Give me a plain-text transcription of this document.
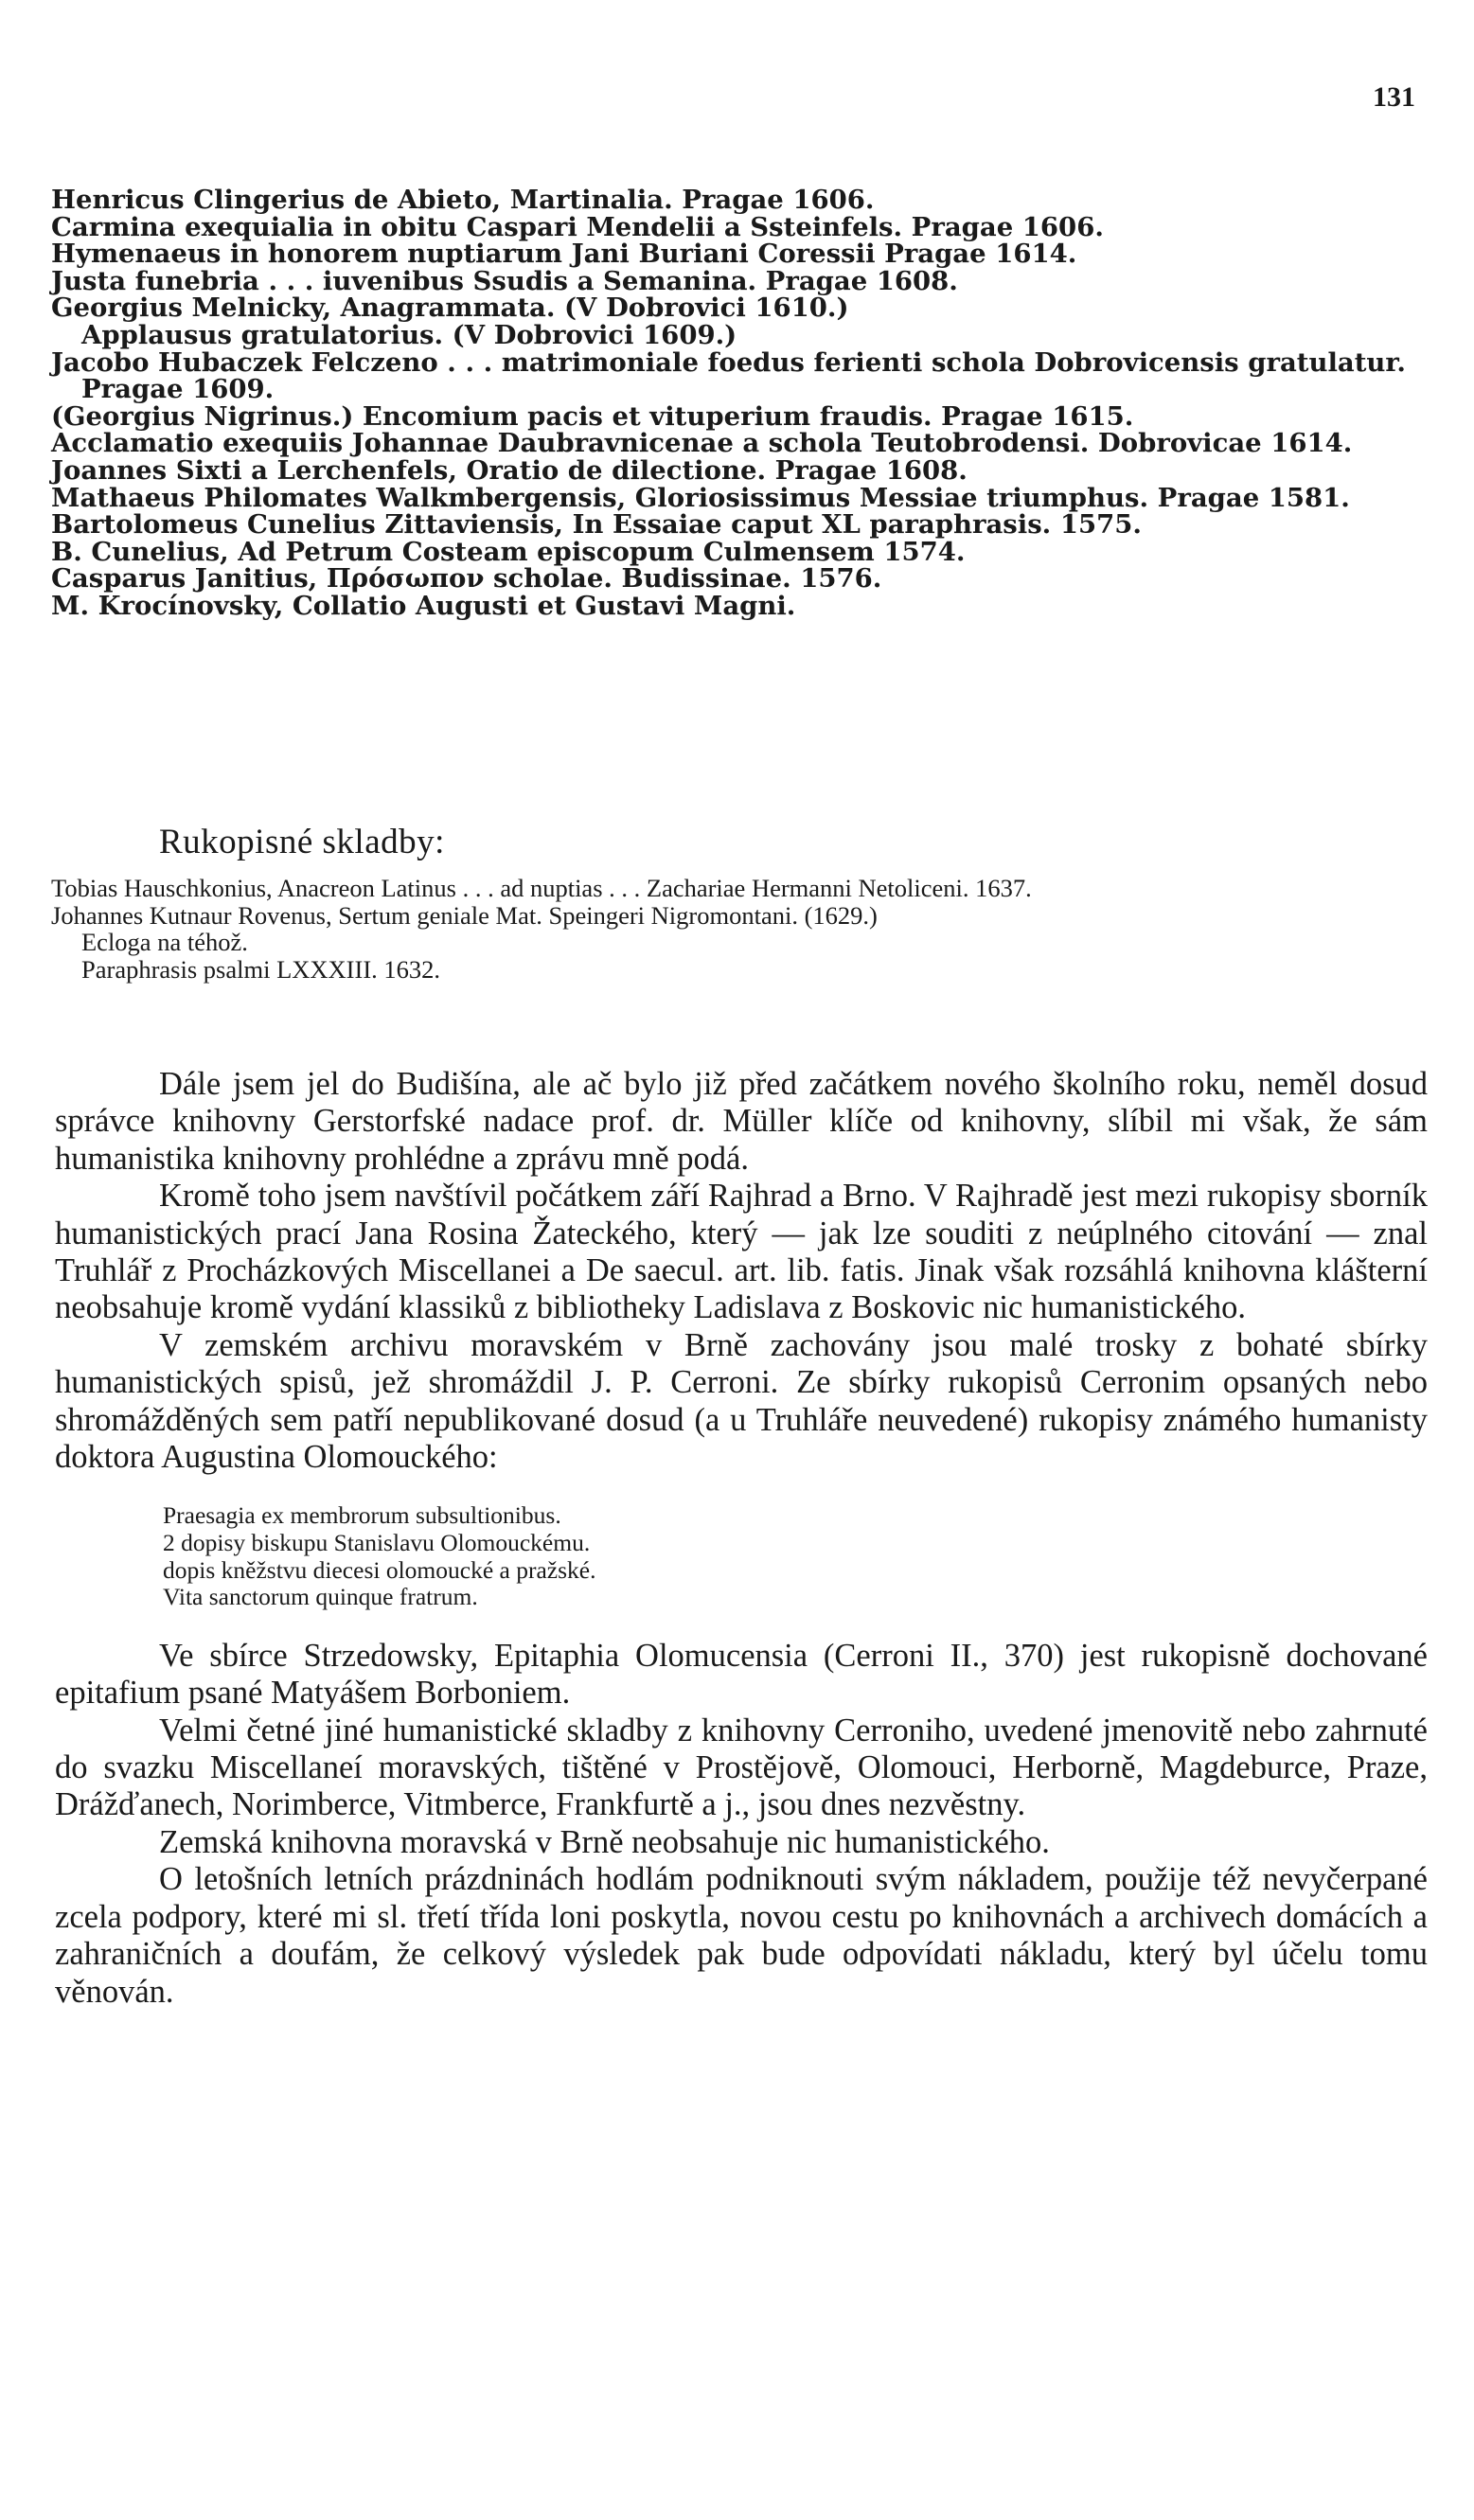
131
Henricus Clingerius de Abieto, Martinalia. Pragae 1606.
Carmina exequialia in obitu Caspari Mendelii a Ssteinfels. Pragae 1606.
Hymenaeus in honorem nuptiarum Jani Buriani Coressii Pragae 1614.
Justa funebria . . . iuvenibus Ssudis a Semanina. Pragae 1608.
Georgius Melnicky, Anagrammata. (V Dobrovici 1610.)
Applausus gratulatorius. (V Dobrovici 1609.)
Jacobo Hubaczek Felczeno . . . matrimoniale foedus ferienti schola Dobrovicensis gratulatur. Pragae 1609.
(Georgius Nigrinus.) Encomium pacis et vituperium fraudis. Pragae 1615.
Acclamatio exequiis Johannae Daubravnicenae a schola Teutobrodensi. Dobrovicae 1614.
Joannes Sixti a Lerchenfels, Oratio de dilectione. Pragae 1608.
Mathaeus Philomates Walkmbergensis, Gloriosissimus Messiae triumphus. Pragae 1581.
Bartolomeus Cunelius Zittaviensis, In Essaiae caput XL paraphrasis. 1575.
B. Cunelius, Ad Petrum Costeam episcopum Culmensem 1574.
Casparus Janitius, Πρόσωπον scholae. Budissinae. 1576.
M. Krocínovsky, Collatio Augusti et Gustavi Magni.
Rukopisné skladby:
Tobias Hauschkonius, Anacreon Latinus . . . ad nuptias . . . Zachariae Hermanni Netoliceni. 1637.
Johannes Kutnaur Rovenus, Sertum geniale Mat. Speingeri Nigromontani. (1629.)
Ecloga na téhož.
Paraphrasis psalmi LXXXIII. 1632.

Dále jsem jel do Budišína, ale ač bylo již před začátkem nového školního roku, neměl dosud správce knihovny Gerstorfské nadace prof. dr. Müller klíče od knihovny, slíbil mi však, že sám humanistika knihovny prohlédne a zprávu mně podá.

Kromě toho jsem navštívil počátkem září Rajhrad a Brno. V Rajhradě jest mezi rukopisy sborník humanistických prací Jana Rosina Žateckého, který — jak lze souditi z neúplného citování — znal Truhlář z Procházkových Miscellanei a De saecul. art. lib. fatis. Jinak však rozsáhlá knihovna klášterní neobsahuje kromě vydání klassiků z bibliotheky Ladislava z Boskovic nic humanistického.

V zemském archivu moravském v Brně zachovány jsou malé trosky z bohaté sbírky humanistických spisů, jež shromáždil J. P. Cerroni. Ze sbírky rukopisů Cerronim opsaných nebo shromážděných sem patří nepublikované dosud (a u Truhláře neuvedené) rukopisy známého humanisty doktora Augustina Olomouckého:

Praesagia ex membrorum subsultionibus.
2 dopisy biskupu Stanislavu Olomouckému.
dopis kněžstvu diecesi olomoucké a pražské.
Vita sanctorum quinque fratrum.

Ve sbírce Strzedowsky, Epitaphia Olomucensia (Cerroni II., 370) jest rukopisně dochované epitafium psané Matyášem Borboniem.

Velmi četné jiné humanistické skladby z knihovny Cerroniho, uvedené jmenovitě nebo zahrnuté do svazku Miscellaneí moravských, tištěné v Prostějově, Olomouci, Herborně, Magdeburce, Praze, Drážďanech, Norimberce, Vitmberce, Frankfurtě a j., jsou dnes nezvěstny.

Zemská knihovna moravská v Brně neobsahuje nic humanistického.

O letošních letních prázdninách hodlám podniknouti svým nákladem, použije též nevyčerpané zcela podpory, které mi sl. třetí třída loni poskytla, novou cestu po knihovnách a archivech domácích a zahraničních a doufám, že celkový výsledek pak bude odpovídati nákladu, který byl účelu tomu věnován.
